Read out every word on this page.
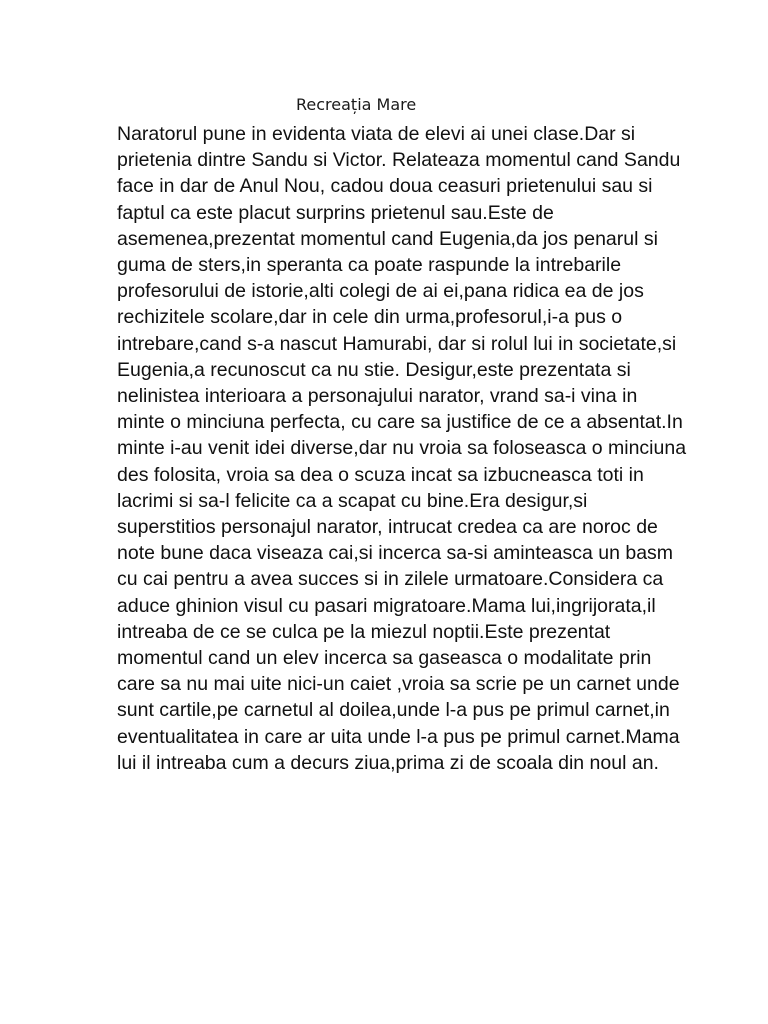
Recreația Mare
Naratorul pune in evidenta viata de elevi ai unei clase.Dar si
prietenia dintre Sandu si Victor. Relateaza momentul cand Sandu
face in dar de Anul Nou, cadou doua ceasuri prietenului sau si
faptul ca este placut surprins prietenul sau.Este de
asemenea,prezentat momentul cand Eugenia,da jos penarul si
guma de sters,in speranta ca poate raspunde la intrebarile
profesorului de istorie,alti colegi de ai ei,pana ridica ea de jos
rechizitele scolare,dar in cele din urma,profesorul,i-a pus o
intrebare,cand s-a nascut Hamurabi, dar si rolul lui in societate,si
Eugenia,a recunoscut ca nu stie. Desigur,este prezentata si
nelinistea interioara a personajului narator, vrand sa-i vina in
minte o minciuna perfecta, cu care sa justifice de ce a absentat.In
minte i-au venit idei diverse,dar nu vroia sa foloseasca o minciuna
des folosita, vroia sa dea o scuza incat sa izbucneasca toti in
lacrimi si sa-l felicite ca a scapat cu bine.Era desigur,si
superstitios personajul narator, intrucat credea ca are noroc de
note bune daca viseaza cai,si incerca sa-si aminteasca un basm
cu cai pentru a avea succes si in zilele urmatoare.Considera ca
aduce ghinion visul cu pasari migratoare.Mama lui,ingrijorata,il
intreaba de ce se culca pe la miezul noptii.Este prezentat
momentul cand un elev incerca sa gaseasca o modalitate prin
care sa nu mai uite nici-un caiet ,vroia sa scrie pe un carnet unde
sunt cartile,pe carnetul al doilea,unde l-a pus pe primul carnet,in
eventualitatea in care ar uita unde l-a pus pe primul carnet.Mama
lui il intreaba cum a decurs ziua,prima zi de scoala din noul an.
